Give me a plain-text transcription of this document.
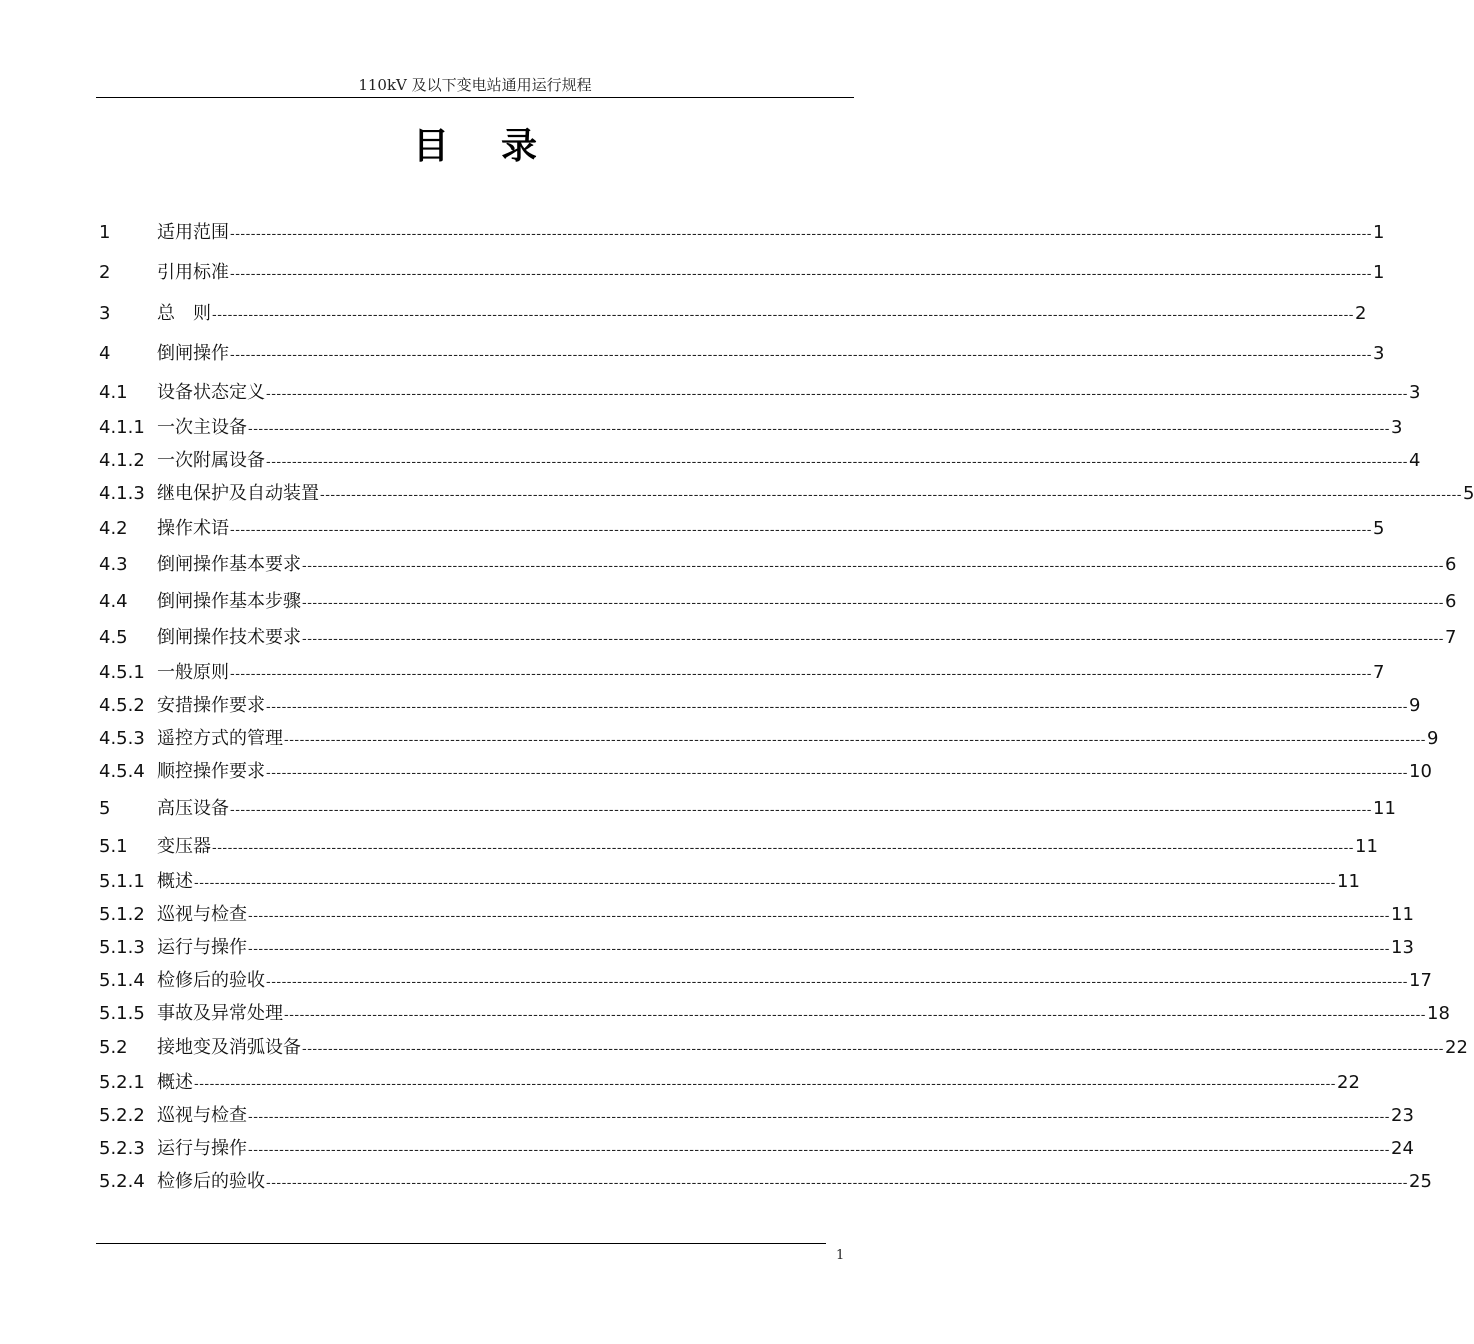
110kV 及以下变电站通用运行规程
目录
1	适用范围 ---------------------------------------------------------------------------------------------------------------------------------------------------------------------------------------------------------------------------- 1
2	引用标准 ---------------------------------------------------------------------------------------------------------------------------------------------------------------------------------------------------------------------------- 1
3	总　则 ---------------------------------------------------------------------------------------------------------------------------------------------------------------------------------------------------------------------------- 2
4	倒闸操作 ---------------------------------------------------------------------------------------------------------------------------------------------------------------------------------------------------------------------------- 3
4.1	设备状态定义 ---------------------------------------------------------------------------------------------------------------------------------------------------------------------------------------------------------------------------- 3
4.1.1 一次主设备 ---------------------------------------------------------------------------------------------------------------------------------------------------------------------------------------------------------------------------- 3
4.1.2 一次附属设备 ---------------------------------------------------------------------------------------------------------------------------------------------------------------------------------------------------------------------------- 4
4.1.3 继电保护及自动装置 ---------------------------------------------------------------------------------------------------------------------------------------------------------------------------------------------------------------------------- 5
4.2	操作术语 ---------------------------------------------------------------------------------------------------------------------------------------------------------------------------------------------------------------------------- 5
4.3	倒闸操作基本要求 ---------------------------------------------------------------------------------------------------------------------------------------------------------------------------------------------------------------------------- 6
4.4	倒闸操作基本步骤 ---------------------------------------------------------------------------------------------------------------------------------------------------------------------------------------------------------------------------- 6
4.5	倒闸操作技术要求 ---------------------------------------------------------------------------------------------------------------------------------------------------------------------------------------------------------------------------- 7
4.5.1 一般原则 ---------------------------------------------------------------------------------------------------------------------------------------------------------------------------------------------------------------------------- 7
4.5.2 安措操作要求 ---------------------------------------------------------------------------------------------------------------------------------------------------------------------------------------------------------------------------- 9
4.5.3 遥控方式的管理 ---------------------------------------------------------------------------------------------------------------------------------------------------------------------------------------------------------------------------- 9
4.5.4 顺控操作要求 ---------------------------------------------------------------------------------------------------------------------------------------------------------------------------------------------------------------------------- 10
5	高压设备 ---------------------------------------------------------------------------------------------------------------------------------------------------------------------------------------------------------------------------- 11
5.1	变压器 ---------------------------------------------------------------------------------------------------------------------------------------------------------------------------------------------------------------------------- 11
5.1.1 概述 ---------------------------------------------------------------------------------------------------------------------------------------------------------------------------------------------------------------------------- 11
5.1.2 巡视与检查 ---------------------------------------------------------------------------------------------------------------------------------------------------------------------------------------------------------------------------- 11
5.1.3 运行与操作 ---------------------------------------------------------------------------------------------------------------------------------------------------------------------------------------------------------------------------- 13
5.1.4 检修后的验收 ---------------------------------------------------------------------------------------------------------------------------------------------------------------------------------------------------------------------------- 17
5.1.5 事故及异常处理 ---------------------------------------------------------------------------------------------------------------------------------------------------------------------------------------------------------------------------- 18
5.2	接地变及消弧设备 ---------------------------------------------------------------------------------------------------------------------------------------------------------------------------------------------------------------------------- 22
5.2.1 概述 ---------------------------------------------------------------------------------------------------------------------------------------------------------------------------------------------------------------------------- 22
5.2.2 巡视与检查 ---------------------------------------------------------------------------------------------------------------------------------------------------------------------------------------------------------------------------- 23
5.2.3 运行与操作 ---------------------------------------------------------------------------------------------------------------------------------------------------------------------------------------------------------------------------- 24
5.2.4 检修后的验收 ---------------------------------------------------------------------------------------------------------------------------------------------------------------------------------------------------------------------------- 25
1
